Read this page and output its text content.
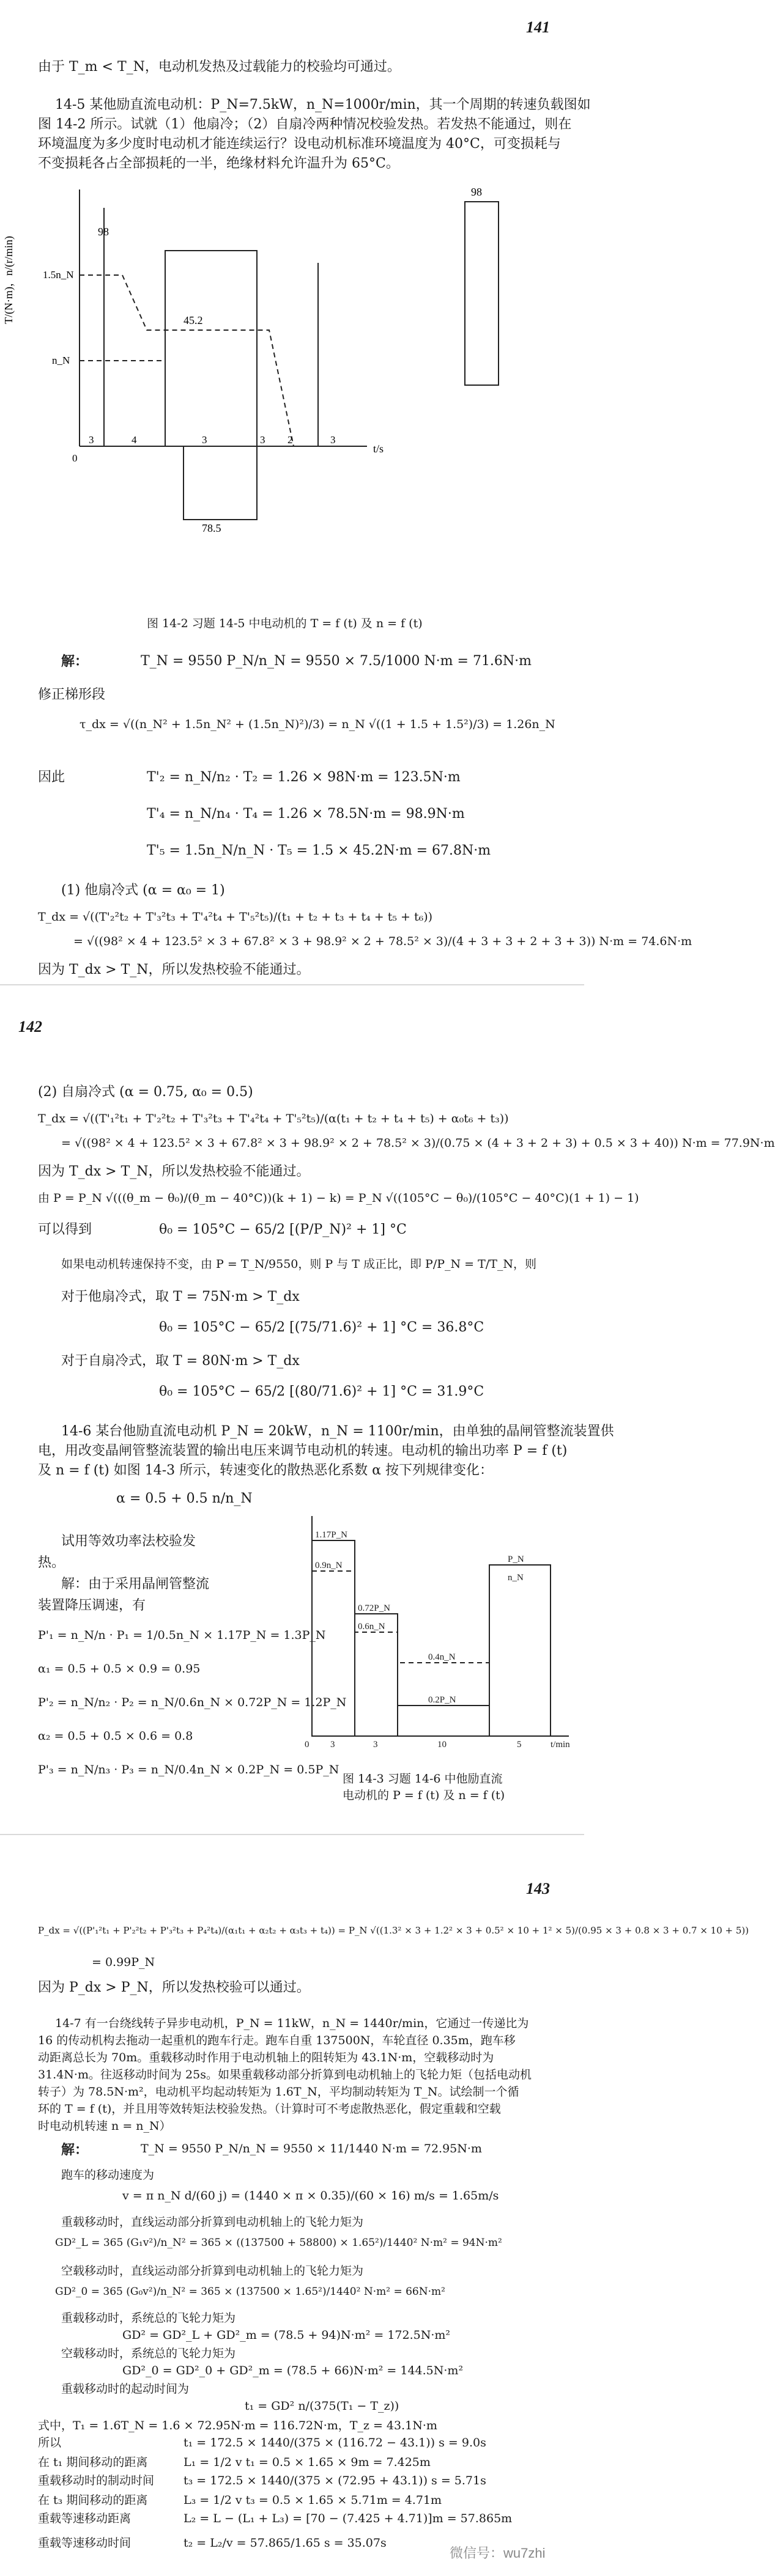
141
由于 T_m < T_N，电动机发热及过载能力的校验均可通过。
14-5 某他励直流电动机：P_N=7.5kW，n_N=1000r/min，其一个周期的转速负载图如
图 14-2 所示。试就（1）他扇冷；（2）自扇冷两种情况校验发热。若发热不能通过，则在
环境温度为多少度时电动机才能连续运行？设电动机标准环境温度为 40°C，可变损耗与
不变损耗各占全部损耗的一半，绝缘材料允许温升为 65°C。
T/(N·m)，n/(r/min)
t/s
98
45.2
78.5
1.5n_N
n_N
0
3	4	3	3 2	3
98
图 14-2 习题 14-5 中电动机的 T = f (t) 及 n = f (t)
解：	T_N = 9550 P_N/n_N = 9550 × 7.5/1000 N·m = 71.6N·m
修正梯形段
τ_dx = √((n_N² + 1.5n_N² + (1.5n_N)²)/3) = n_N √((1 + 1.5 + 1.5²)/3) = 1.26n_N
因此	T'₂ = n_N/n₂ · T₂ = 1.26 × 98N·m = 123.5N·m
T'₄ = n_N/n₄ · T₄ = 1.26 × 78.5N·m = 98.9N·m
T'₅ = 1.5n_N/n_N · T₅ = 1.5 × 45.2N·m = 67.8N·m
(1) 他扇冷式 (α = α₀ = 1)
T_dx = √((T'₂²t₂ + T'₃²t₃ + T'₄²t₄ + T'₅²t₅)/(t₁ + t₂ + t₃ + t₄ + t₅ + t₆))
= √((98² × 4 + 123.5² × 3 + 67.8² × 3 + 98.9² × 2 + 78.5² × 3)/(4 + 3 + 3 + 2 + 3 + 3)) N·m = 74.6N·m
因为 T_dx > T_N，所以发热校验不能通过。
142
(2) 自扇冷式 (α = 0.75, α₀ = 0.5)
T_dx = √((T'₁²t₁ + T'₂²t₂ + T'₃²t₃ + T'₄²t₄ + T'₅²t₅)/(α(t₁ + t₂ + t₄ + t₅) + α₀t₆ + t₃))
= √((98² × 4 + 123.5² × 3 + 67.8² × 3 + 98.9² × 2 + 78.5² × 3)/(0.75 × (4 + 3 + 2 + 3) + 0.5 × 3 + 40)) N·m = 77.9N·m
因为 T_dx > T_N，所以发热校验不能通过。
由 P = P_N √(((θ_m − θ₀)/(θ_m − 40°C))(k + 1) − k) = P_N √((105°C − θ₀)/(105°C − 40°C)(1 + 1) − 1)
可以得到	θ₀ = 105°C − 65/2 [(P/P_N)² + 1] °C
如果电动机转速保持不变，由 P = T_N/9550，则 P 与 T 成正比，即 P/P_N = T/T_N，则
对于他扇冷式，取 T = 75N·m > T_dx
θ₀ = 105°C − 65/2 [(75/71.6)² + 1] °C = 36.8°C
对于自扇冷式，取 T = 80N·m > T_dx
θ₀ = 105°C − 65/2 [(80/71.6)² + 1] °C = 31.9°C
14-6 某台他励直流电动机 P_N = 20kW，n_N = 1100r/min，由单独的晶闸管整流装置供
电，用改变晶闸管整流装置的输出电压来调节电动机的转速。电动机的输出功率 P = f (t)
及 n = f (t) 如图 14-3 所示，转速变化的散热恶化系数 α 按下列规律变化：
α = 0.5 + 0.5 n/n_N
试用等效功率法校验发
热。
解：由于采用晶闸管整流
装置降压调速，有
P'₁ = n_N/n · P₁ = 1/0.5n_N × 1.17P_N = 1.3P_N
α₁ = 0.5 + 0.5 × 0.9 = 0.95
P'₂ = n_N/n₂ · P₂ = n_N/0.6n_N × 0.72P_N = 1.2P_N
α₂ = 0.5 + 0.5 × 0.6 = 0.8
P'₃ = n_N/n₃ · P₃ = n_N/0.4n_N × 0.2P_N = 0.5P_N
1.17P_N
0.72P_N
0.2P_N
0.9n_N
0.6n_N
0.4n_N
P_N
n_N
0 3	3	10	5	t/min
图 14-3 习题 14-6 中他励直流
电动机的 P = f (t) 及 n = f (t)
143
P_dx = √((P'₁²t₁ + P'₂²t₂ + P'₃²t₃ + P₄²t₄)/(α₁t₁ + α₂t₂ + α₃t₃ + t₄)) = P_N √((1.3² × 3 + 1.2² × 3 + 0.5² × 10 + 1² × 5)/(0.95 × 3 + 0.8 × 3 + 0.7 × 10 + 5))
= 0.99P_N
因为 P_dx > P_N，所以发热校验可以通过。
14-7 有一台绕线转子异步电动机，P_N = 11kW，n_N = 1440r/min，它通过一传递比为
16 的传动机构去拖动一起重机的跑车行走。跑车自重 137500N，车轮直径 0.35m，跑车移
动距离总长为 70m。重载移动时作用于电动机轴上的阻转矩为 43.1N·m，空载移动时为
31.4N·m。往返移动时间为 25s。如果重载移动部分折算到电动机轴上的飞轮力矩（包括电动机
转子）为 78.5N·m²，电动机平均起动转矩为 1.6T_N，平均制动转矩为 T_N。试绘制一个循
环的 T = f (t)，并且用等效转矩法校验发热。（计算时可不考虑散热恶化，假定重载和空载
时电动机转速 n = n_N）
解：	T_N = 9550 P_N/n_N = 9550 × 11/1440 N·m = 72.95N·m
跑车的移动速度为
v = π n_N d/(60 j) = (1440 × π × 0.35)/(60 × 16) m/s = 1.65m/s
重载移动时，直线运动部分折算到电动机轴上的飞轮力矩为
GD²_L = 365 (G₁v²)/n_N² = 365 × ((137500 + 58800) × 1.65²)/1440² N·m² = 94N·m²
空载移动时，直线运动部分折算到电动机轴上的飞轮力矩为
GD²_0 = 365 (G₀v²)/n_N² = 365 × (137500 × 1.65²)/1440² N·m² = 66N·m²
重载移动时，系统总的飞轮力矩为
GD² = GD²_L + GD²_m = (78.5 + 94)N·m² = 172.5N·m²
空载移动时，系统总的飞轮力矩为
GD²_0 = GD²_0 + GD²_m = (78.5 + 66)N·m² = 144.5N·m²
重载移动时的起动时间为
t₁ = GD² n/(375(T₁ − T_z))
式中，T₁ = 1.6T_N = 1.6 × 72.95N·m = 116.72N·m，T_z = 43.1N·m
所以	t₁ = 172.5 × 1440/(375 × (116.72 − 43.1)) s = 9.0s
在 t₁ 期间移动的距离	L₁ = 1/2 v t₁ = 0.5 × 1.65 × 9m = 7.425m
重载移动时的制动时间	t₃ = 172.5 × 1440/(375 × (72.95 + 43.1)) s = 5.71s
在 t₃ 期间移动的距离	L₃ = 1/2 v t₃ = 0.5 × 1.65 × 5.71m = 4.71m
重载等速移动距离	L₂ = L − (L₁ + L₃) = [70 − (7.425 + 4.71)]m = 57.865m
重载等速移动时间	t₂ = L₂/v = 57.865/1.65 s = 35.07s
微信号：wu7zhi
